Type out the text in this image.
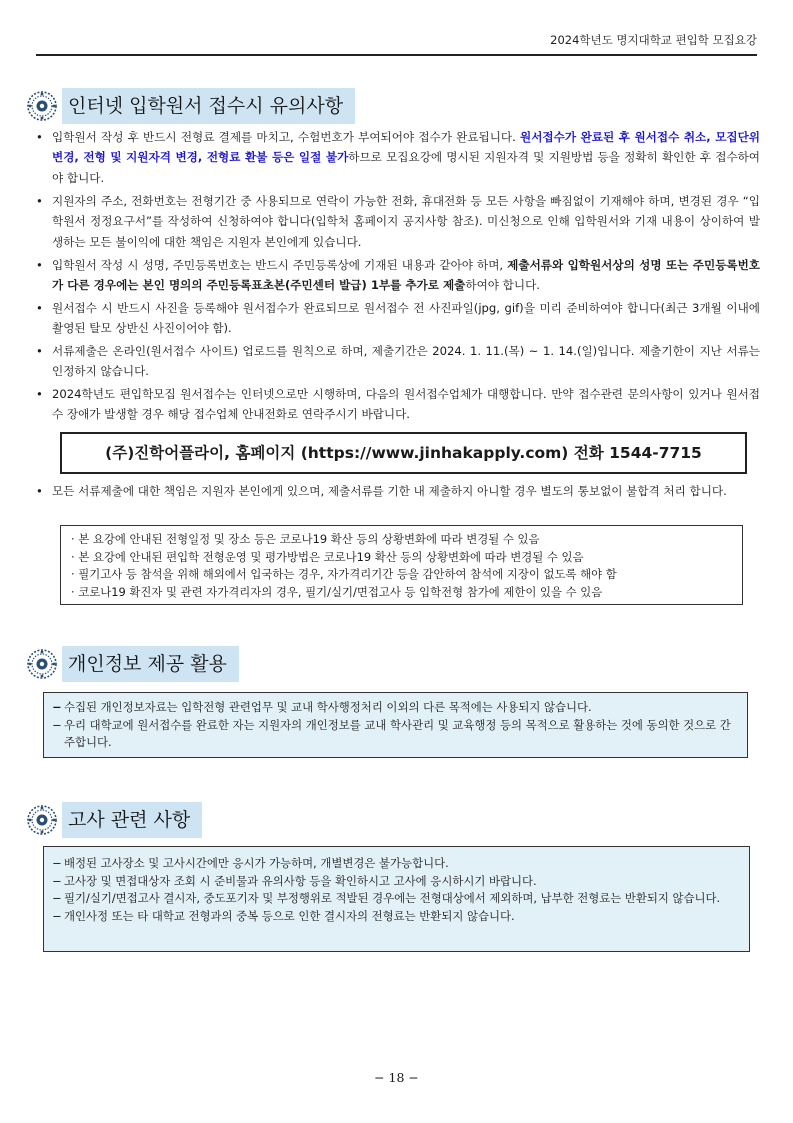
2024학년도 명지대학교 편입학 모집요강
인터넷 입학원서 접수시 유의사항
• 입학원서 작성 후 반드시 전형료 결제를 마치고, 수험번호가 부여되어야 접수가 완료됩니다. 원서접수가 완료된 후 원서접수 취소, 모집단위 변경, 전형 및 지원자격 변경, 전형료 환불 등은 일절 불가하므로 모집요강에 명시된 지원자격 및 지원방법 등을 정확히 확인한 후 접수하여야 합니다.
• 지원자의 주소, 전화번호는 전형기간 중 사용되므로 연락이 가능한 전화, 휴대전화 등 모든 사항을 빠짐없이 기재해야 하며, 변경된 경우 “입학원서 정정요구서”를 작성하여 신청하여야 합니다(입학처 홈페이지 공지사항 참조). 미신청으로 인해 입학원서와 기재 내용이 상이하여 발생하는 모든 불이익에 대한 책임은 지원자 본인에게 있습니다.
• 입학원서 작성 시 성명, 주민등록번호는 반드시 주민등록상에 기재된 내용과 같아야 하며, 제출서류와 입학원서상의 성명 또는 주민등록번호가 다른 경우에는 본인 명의의 주민등록표초본(주민센터 발급) 1부를 추가로 제출하여야 합니다.
• 원서접수 시 반드시 사진을 등록해야 원서접수가 완료되므로 원서접수 전 사진파일(jpg, gif)을 미리 준비하여야 합니다(최근 3개월 이내에 촬영된 탈모 상반신 사진이어야 함).
• 서류제출은 온라인(원서접수 사이트) 업로드를 원칙으로 하며, 제출기간은 2024. 1. 11.(목) ~ 1. 14.(일)입니다. 제출기한이 지난 서류는 인정하지 않습니다.
• 2024학년도 편입학모집 원서접수는 인터넷으로만 시행하며, 다음의 원서접수업체가 대행합니다. 만약 접수관련 문의사항이 있거나 원서접수 장애가 발생할 경우 해당 접수업체 안내전화로 연락주시기 바랍니다.
(주)진학어플라이, 홈페이지 (https://www.jinhakapply.com) 전화 1544-7715
• 모든 서류제출에 대한 책임은 지원자 본인에게 있으며, 제출서류를 기한 내 제출하지 아니할 경우 별도의 통보없이 불합격 처리 합니다.
· 본 요강에 안내된 전형일정 및 장소 등은 코로나19 확산 등의 상황변화에 따라 변경될 수 있음
· 본 요강에 안내된 편입학 전형운영 및 평가방법은 코로나19 확산 등의 상황변화에 따라 변경될 수 있음
· 필기고사 등 참석을 위해 해외에서 입국하는 경우, 자가격리기간 등을 감안하여 참석에 지장이 없도록 해야 함
· 코로나19 확진자 및 관련 자가격리자의 경우, 필기/실기/면접고사 등 입학전형 참가에 제한이 있을 수 있음
개인정보 제공 활용
− 수집된 개인정보자료는 입학전형 관련업무 및 교내 학사행정처리 이외의 다른 목적에는 사용되지 않습니다.
− 우리 대학교에 원서접수를 완료한 자는 지원자의 개인정보를 교내 학사관리 및 교육행정 등의 목적으로 활용하는 것에 동의한 것으로 간주합니다.
고사 관련 사항
− 배정된 고사장소 및 고사시간에만 응시가 가능하며, 개별변경은 불가능합니다.
− 고사장 및 면접대상자 조회 시 준비물과 유의사항 등을 확인하시고 고사에 응시하시기 바랍니다.
− 필기/실기/면접고사 결시자, 중도포기자 및 부정행위로 적발된 경우에는 전형대상에서 제외하며, 납부한 전형료는 반환되지 않습니다.
− 개인사정 또는 타 대학교 전형과의 중복 등으로 인한 결시자의 전형료는 반환되지 않습니다.
− 18 −
